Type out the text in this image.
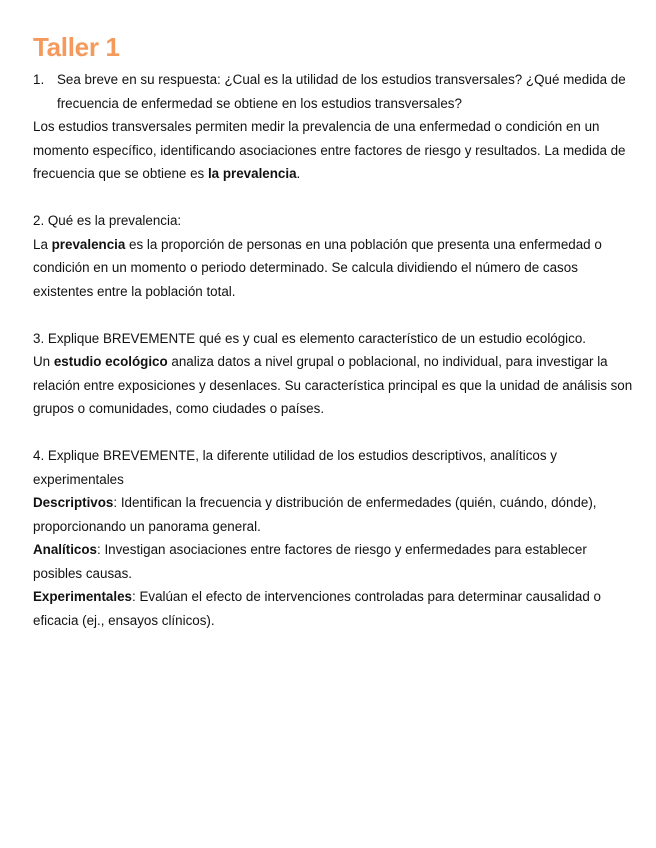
Taller 1

1. Sea breve en su respuesta: ¿Cual es la utilidad de los estudios transversales? ¿Qué medida de frecuencia de enfermedad se obtiene en los estudios transversales?

Los estudios transversales permiten medir la prevalencia de una enfermedad o condición en un momento específico, identificando asociaciones entre factores de riesgo y resultados. La medida de frecuencia que se obtiene es la prevalencia.

2. Qué es la prevalencia:

La prevalencia es la proporción de personas en una población que presenta una enfermedad o condición en un momento o periodo determinado. Se calcula dividiendo el número de casos existentes entre la población total.

3. Explique BREVEMENTE qué es y cual es elemento característico de un estudio ecológico.

Un estudio ecológico analiza datos a nivel grupal o poblacional, no individual, para investigar la relación entre exposiciones y desenlaces. Su característica principal es que la unidad de análisis son grupos o comunidades, como ciudades o países.

4. Explique BREVEMENTE, la diferente utilidad de los estudios descriptivos, analíticos y experimentales

Descriptivos: Identifican la frecuencia y distribución de enfermedades (quién, cuándo, dónde), proporcionando un panorama general.

Analíticos: Investigan asociaciones entre factores de riesgo y enfermedades para establecer posibles causas.

Experimentales: Evalúan el efecto de intervenciones controladas para determinar causalidad o eficacia (ej., ensayos clínicos).
